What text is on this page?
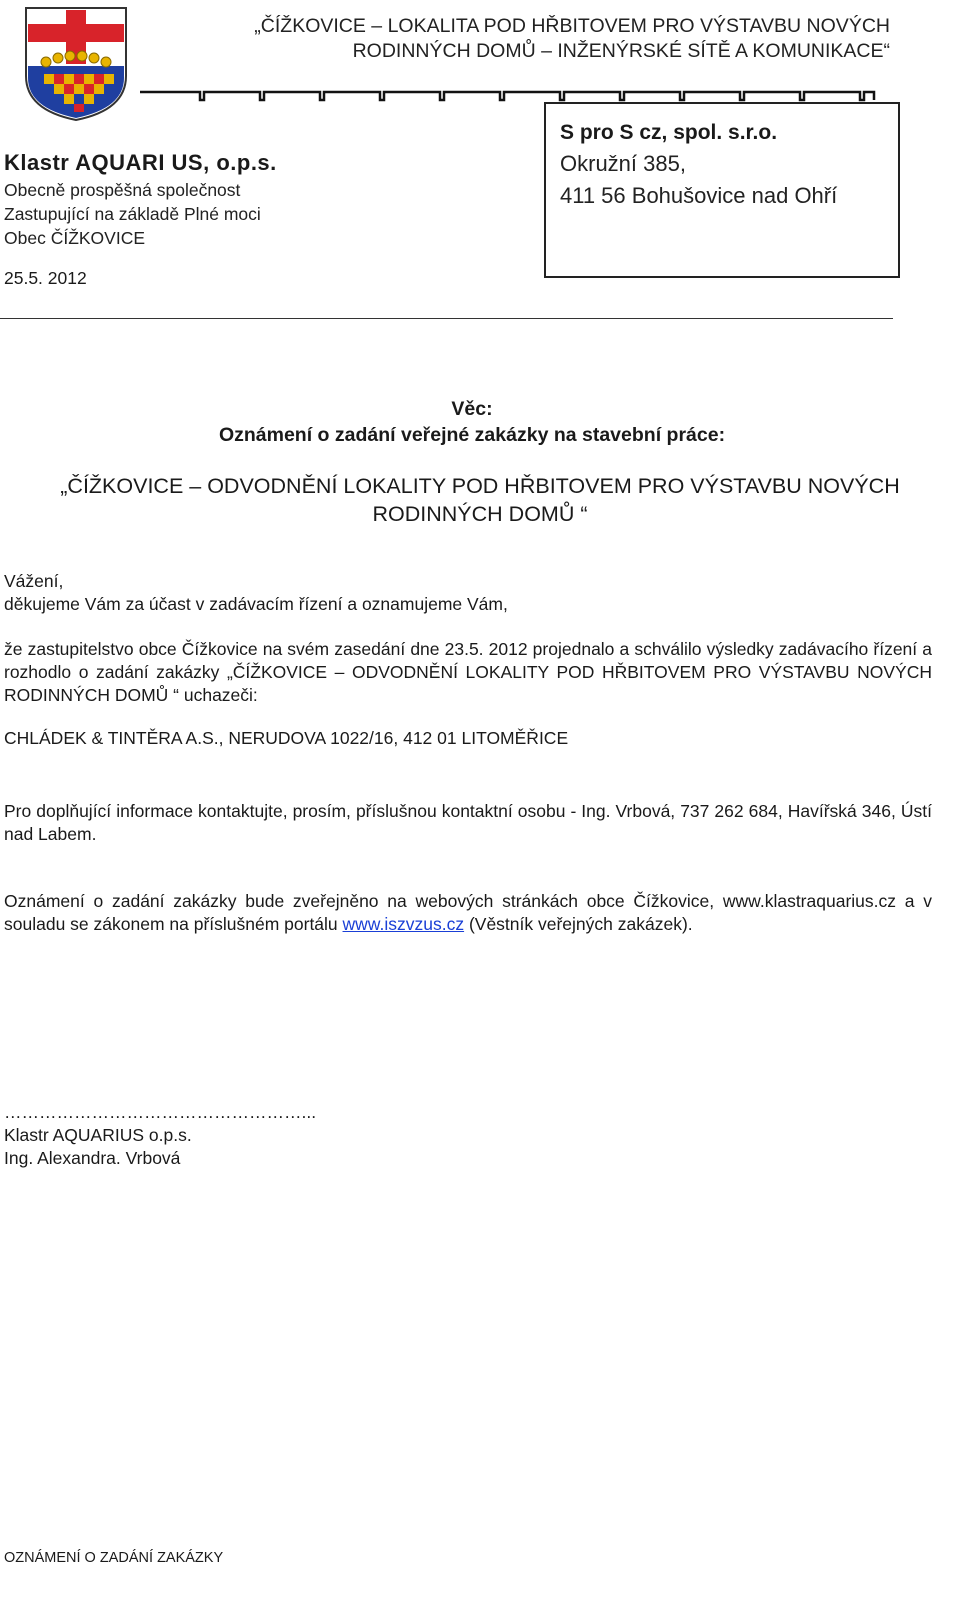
„ČÍŽKOVICE – LOKALITA POD HŘBITOVEM PRO VÝSTAVBU NOVÝCH
RODINNÝCH DOMŮ – INŽENÝRSKÉ SÍTĚ A KOMUNIKACE“
Klastr AQUARI US, o.p.s.
Obecně prospěšná společnost
Zastupující na základě Plné moci
Obec ČÍŽKOVICE
25.5. 2012
S pro S cz, spol. s.r.o.
Okružní 385,
411 56 Bohušovice nad Ohří
Věc:
Oznámení o zadání veřejné zakázky na stavební práce:
„ČÍŽKOVICE – ODVODNĚNÍ LOKALITY POD HŘBITOVEM PRO VÝSTAVBU NOVÝCH
RODINNÝCH DOMŮ “
Vážení,
děkujeme Vám za účast v zadávacím řízení a oznamujeme Vám,
že zastupitelstvo obce Čížkovice na svém zasedání dne 23.5. 2012 projednalo a schválilo výsledky zadávacího řízení a rozhodlo o zadání zakázky „ČÍŽKOVICE – ODVODNĚNÍ LOKALITY POD HŘBITOVEM PRO VÝSTAVBU NOVÝCH RODINNÝCH DOMŮ “ uchazeči:
CHLÁDEK & TINTĚRA A.S., NERUDOVA 1022/16, 412 01 LITOMĚŘICE
Pro doplňující informace kontaktujte, prosím, příslušnou kontaktní osobu - Ing. Vrbová, 737 262 684, Havířská 346, Ústí nad Labem.
Oznámení o zadání zakázky bude zveřejněno na webových stránkách obce Čížkovice, www.klastraquarius.cz a v souladu se zákonem na příslušném portálu www.iszvzus.cz (Věstník veřejných zakázek).
……………………………………………...
Klastr AQUARIUS o.p.s.
Ing. Alexandra. Vrbová
OZNÁMENÍ O ZADÁNÍ ZAKÁZKY
